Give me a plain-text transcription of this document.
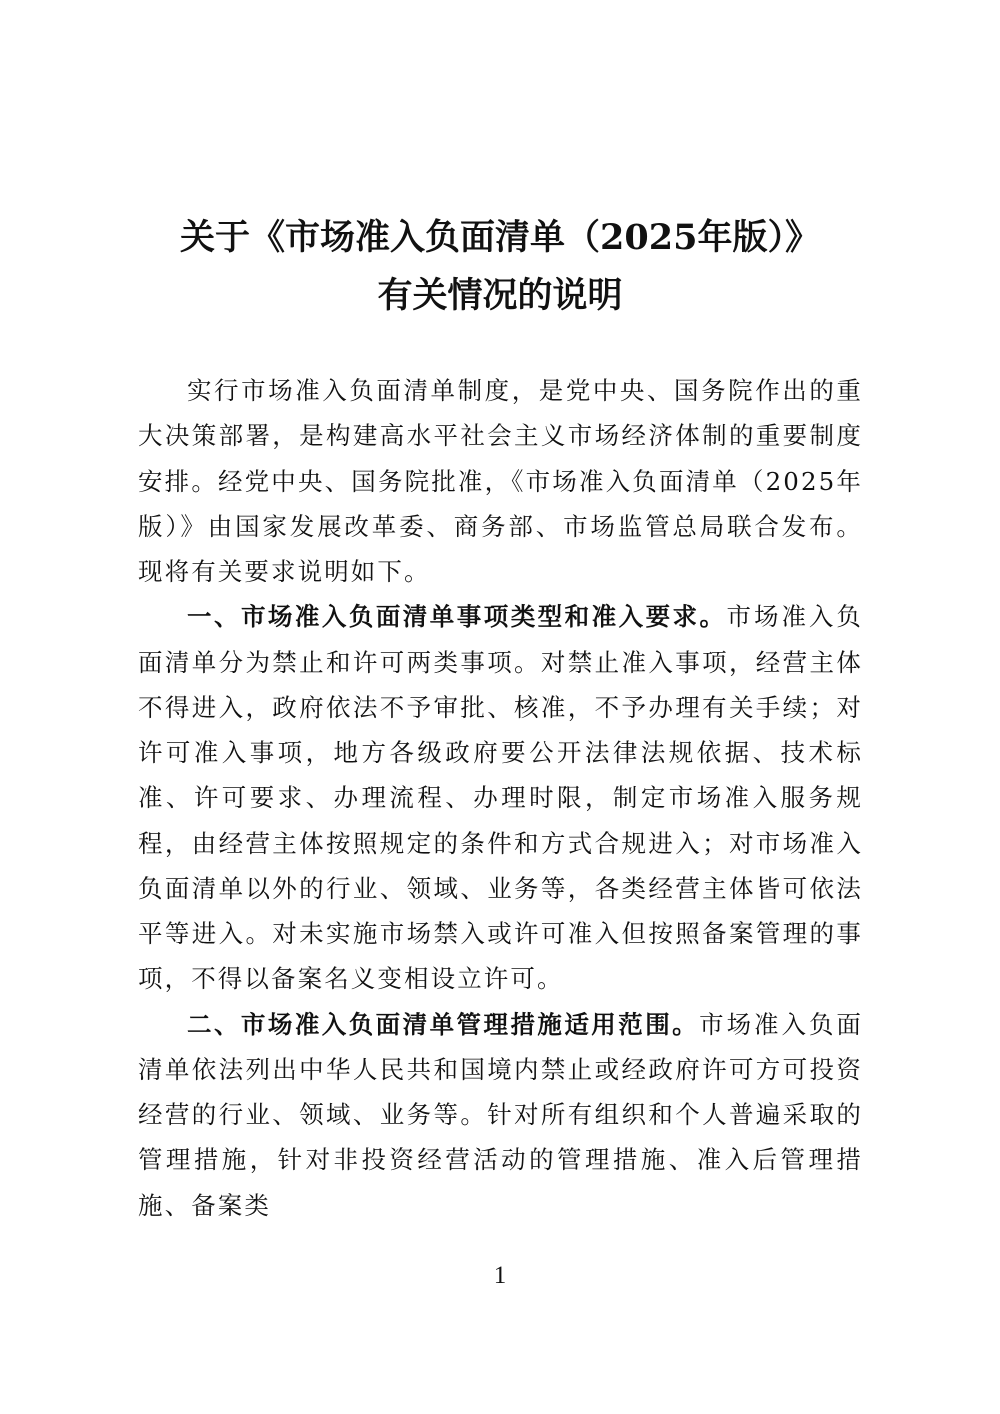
关于《市场准入负面清单（2025年版）》
有关情况的说明

实行市场准入负面清单制度，是党中央、国务院作出的重大决策部署，是构建高水平社会主义市场经济体制的重要制度安排。经党中央、国务院批准，《市场准入负面清单（2025年版）》由国家发展改革委、商务部、市场监管总局联合发布。现将有关要求说明如下。

一、市场准入负面清单事项类型和准入要求。市场准入负面清单分为禁止和许可两类事项。对禁止准入事项，经营主体不得进入，政府依法不予审批、核准，不予办理有关手续；对许可准入事项，地方各级政府要公开法律法规依据、技术标准、许可要求、办理流程、办理时限，制定市场准入服务规程，由经营主体按照规定的条件和方式合规进入；对市场准入负面清单以外的行业、领域、业务等，各类经营主体皆可依法平等进入。对未实施市场禁入或许可准入但按照备案管理的事项，不得以备案名义变相设立许可。

二、市场准入负面清单管理措施适用范围。市场准入负面清单依法列出中华人民共和国境内禁止或经政府许可方可投资经营的行业、领域、业务等。针对所有组织和个人普遍采取的管理措施，针对非投资经营活动的管理措施、准入后管理措施、备案类

1
